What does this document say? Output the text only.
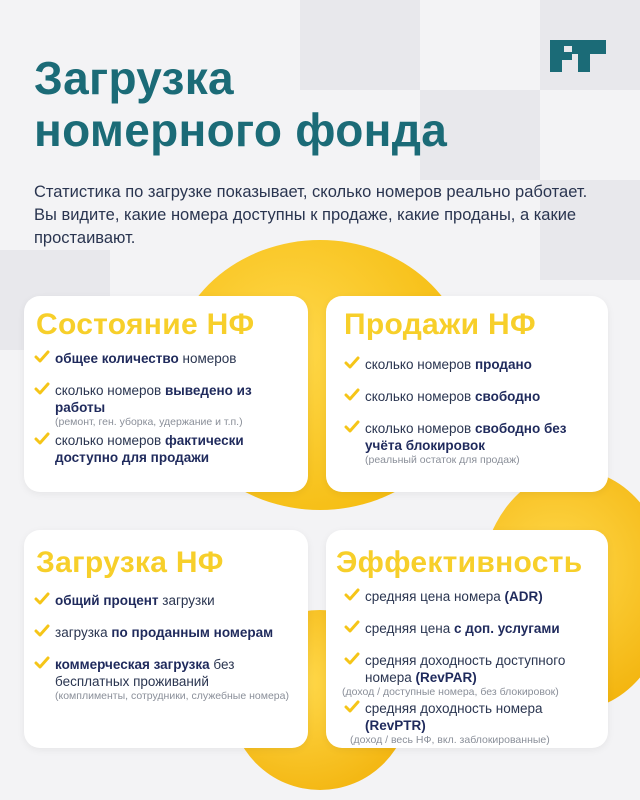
Загрузка
номерного фонда

Статистика по загрузке показывает, сколько номеров реально работает. Вы видите, какие номера доступны к продаже, какие проданы, а какие простаивают.

Состояние НФ
общее количество номеров
сколько номеров выведено из работы
(ремонт, ген. уборка, удержание и т.п.)
сколько номеров фактически доступно для продажи
Продажи НФ
сколько номеров продано
сколько номеров свободно
сколько номеров свободно без учёта блокировок
(реальный остаток для продаж)
Загрузка НФ
общий процент загрузки
загрузка по проданным номерам
коммерческая загрузка без бесплатных проживаний
(комплименты, сотрудники, служебные номера)
Эффективность
средняя цена номера (ADR)
средняя цена с доп. услугами
средняя доходность доступного номера (RevPAR)
(доход / доступные номера, без блокировок)
средняя доходность номера (RevPTR)
(доход / весь НФ, вкл. заблокированные)
